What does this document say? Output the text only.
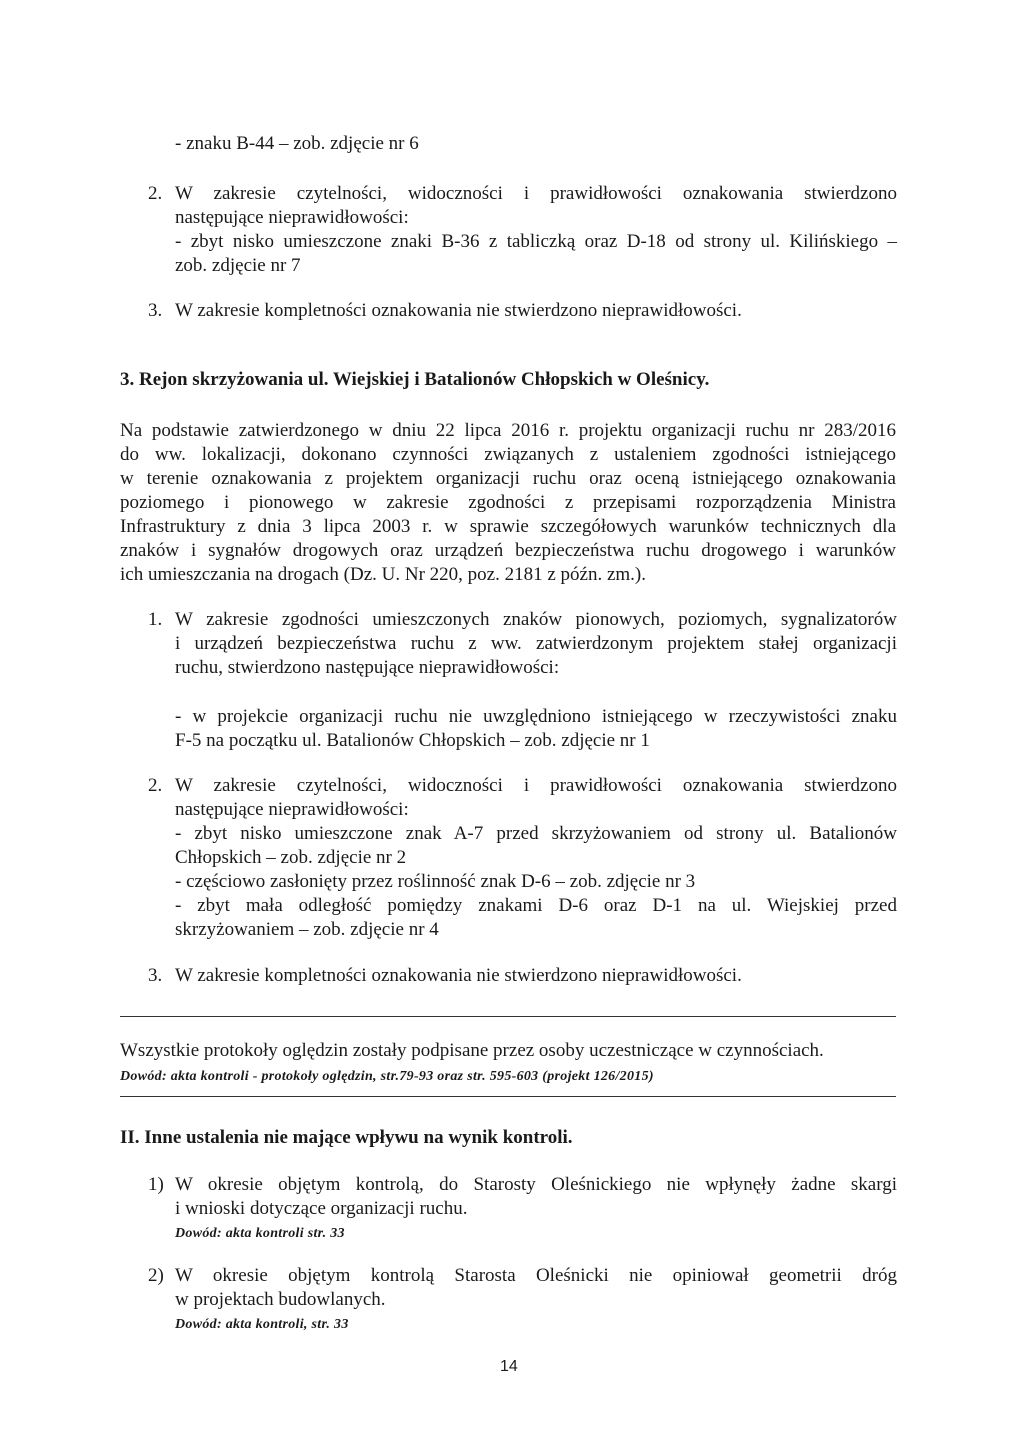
- znaku B-44 – zob. zdjęcie nr 6
2. W zakresie czytelności, widoczności i prawidłowości oznakowania stwierdzono
następujące nieprawidłowości:
- zbyt nisko umieszczone znaki B-36 z tabliczką oraz D-18 od strony ul. Kilińskiego –
zob. zdjęcie nr 7
3. W zakresie kompletności oznakowania nie stwierdzono nieprawidłowości.
3. Rejon skrzyżowania ul. Wiejskiej i Batalionów Chłopskich w Oleśnicy.
Na podstawie zatwierdzonego w dniu 22 lipca 2016 r. projektu organizacji ruchu nr 283/2016
do ww. lokalizacji, dokonano czynności związanych z ustaleniem zgodności istniejącego
w terenie oznakowania z projektem organizacji ruchu oraz oceną istniejącego oznakowania
poziomego i pionowego w zakresie zgodności z przepisami rozporządzenia Ministra
Infrastruktury z dnia 3 lipca 2003 r. w sprawie szczegółowych warunków technicznych dla
znaków i sygnałów drogowych oraz urządzeń bezpieczeństwa ruchu drogowego i warunków
ich umieszczania na drogach (Dz. U. Nr 220, poz. 2181 z późn. zm.).
1. W zakresie zgodności umieszczonych znaków pionowych, poziomych, sygnalizatorów
i urządzeń bezpieczeństwa ruchu z ww. zatwierdzonym projektem stałej organizacji
ruchu, stwierdzono następujące nieprawidłowości:
- w projekcie organizacji ruchu nie uwzględniono istniejącego w rzeczywistości znaku
F-5 na początku ul. Batalionów Chłopskich – zob. zdjęcie nr 1
2. W zakresie czytelności, widoczności i prawidłowości oznakowania stwierdzono
następujące nieprawidłowości:
- zbyt nisko umieszczone znak A-7 przed skrzyżowaniem od strony ul. Batalionów
Chłopskich – zob. zdjęcie nr 2
- częściowo zasłonięty przez roślinność znak D-6 – zob. zdjęcie nr 3
- zbyt mała odległość pomiędzy znakami D-6 oraz D-1 na ul. Wiejskiej przed
skrzyżowaniem – zob. zdjęcie nr 4
3. W zakresie kompletności oznakowania nie stwierdzono nieprawidłowości.
Wszystkie protokoły oględzin zostały podpisane przez osoby uczestniczące w czynnościach.
Dowód: akta kontroli - protokoły oględzin, str.79-93 oraz str. 595-603 (projekt 126/2015)
II. Inne ustalenia nie mające wpływu na wynik kontroli.
1) W okresie objętym kontrolą, do Starosty Oleśnickiego nie wpłynęły żadne skargi
i wnioski dotyczące organizacji ruchu.
Dowód: akta kontroli str. 33
2) W okresie objętym kontrolą Starosta Oleśnicki nie opiniował geometrii dróg
w projektach budowlanych.
Dowód: akta kontroli, str. 33
14
